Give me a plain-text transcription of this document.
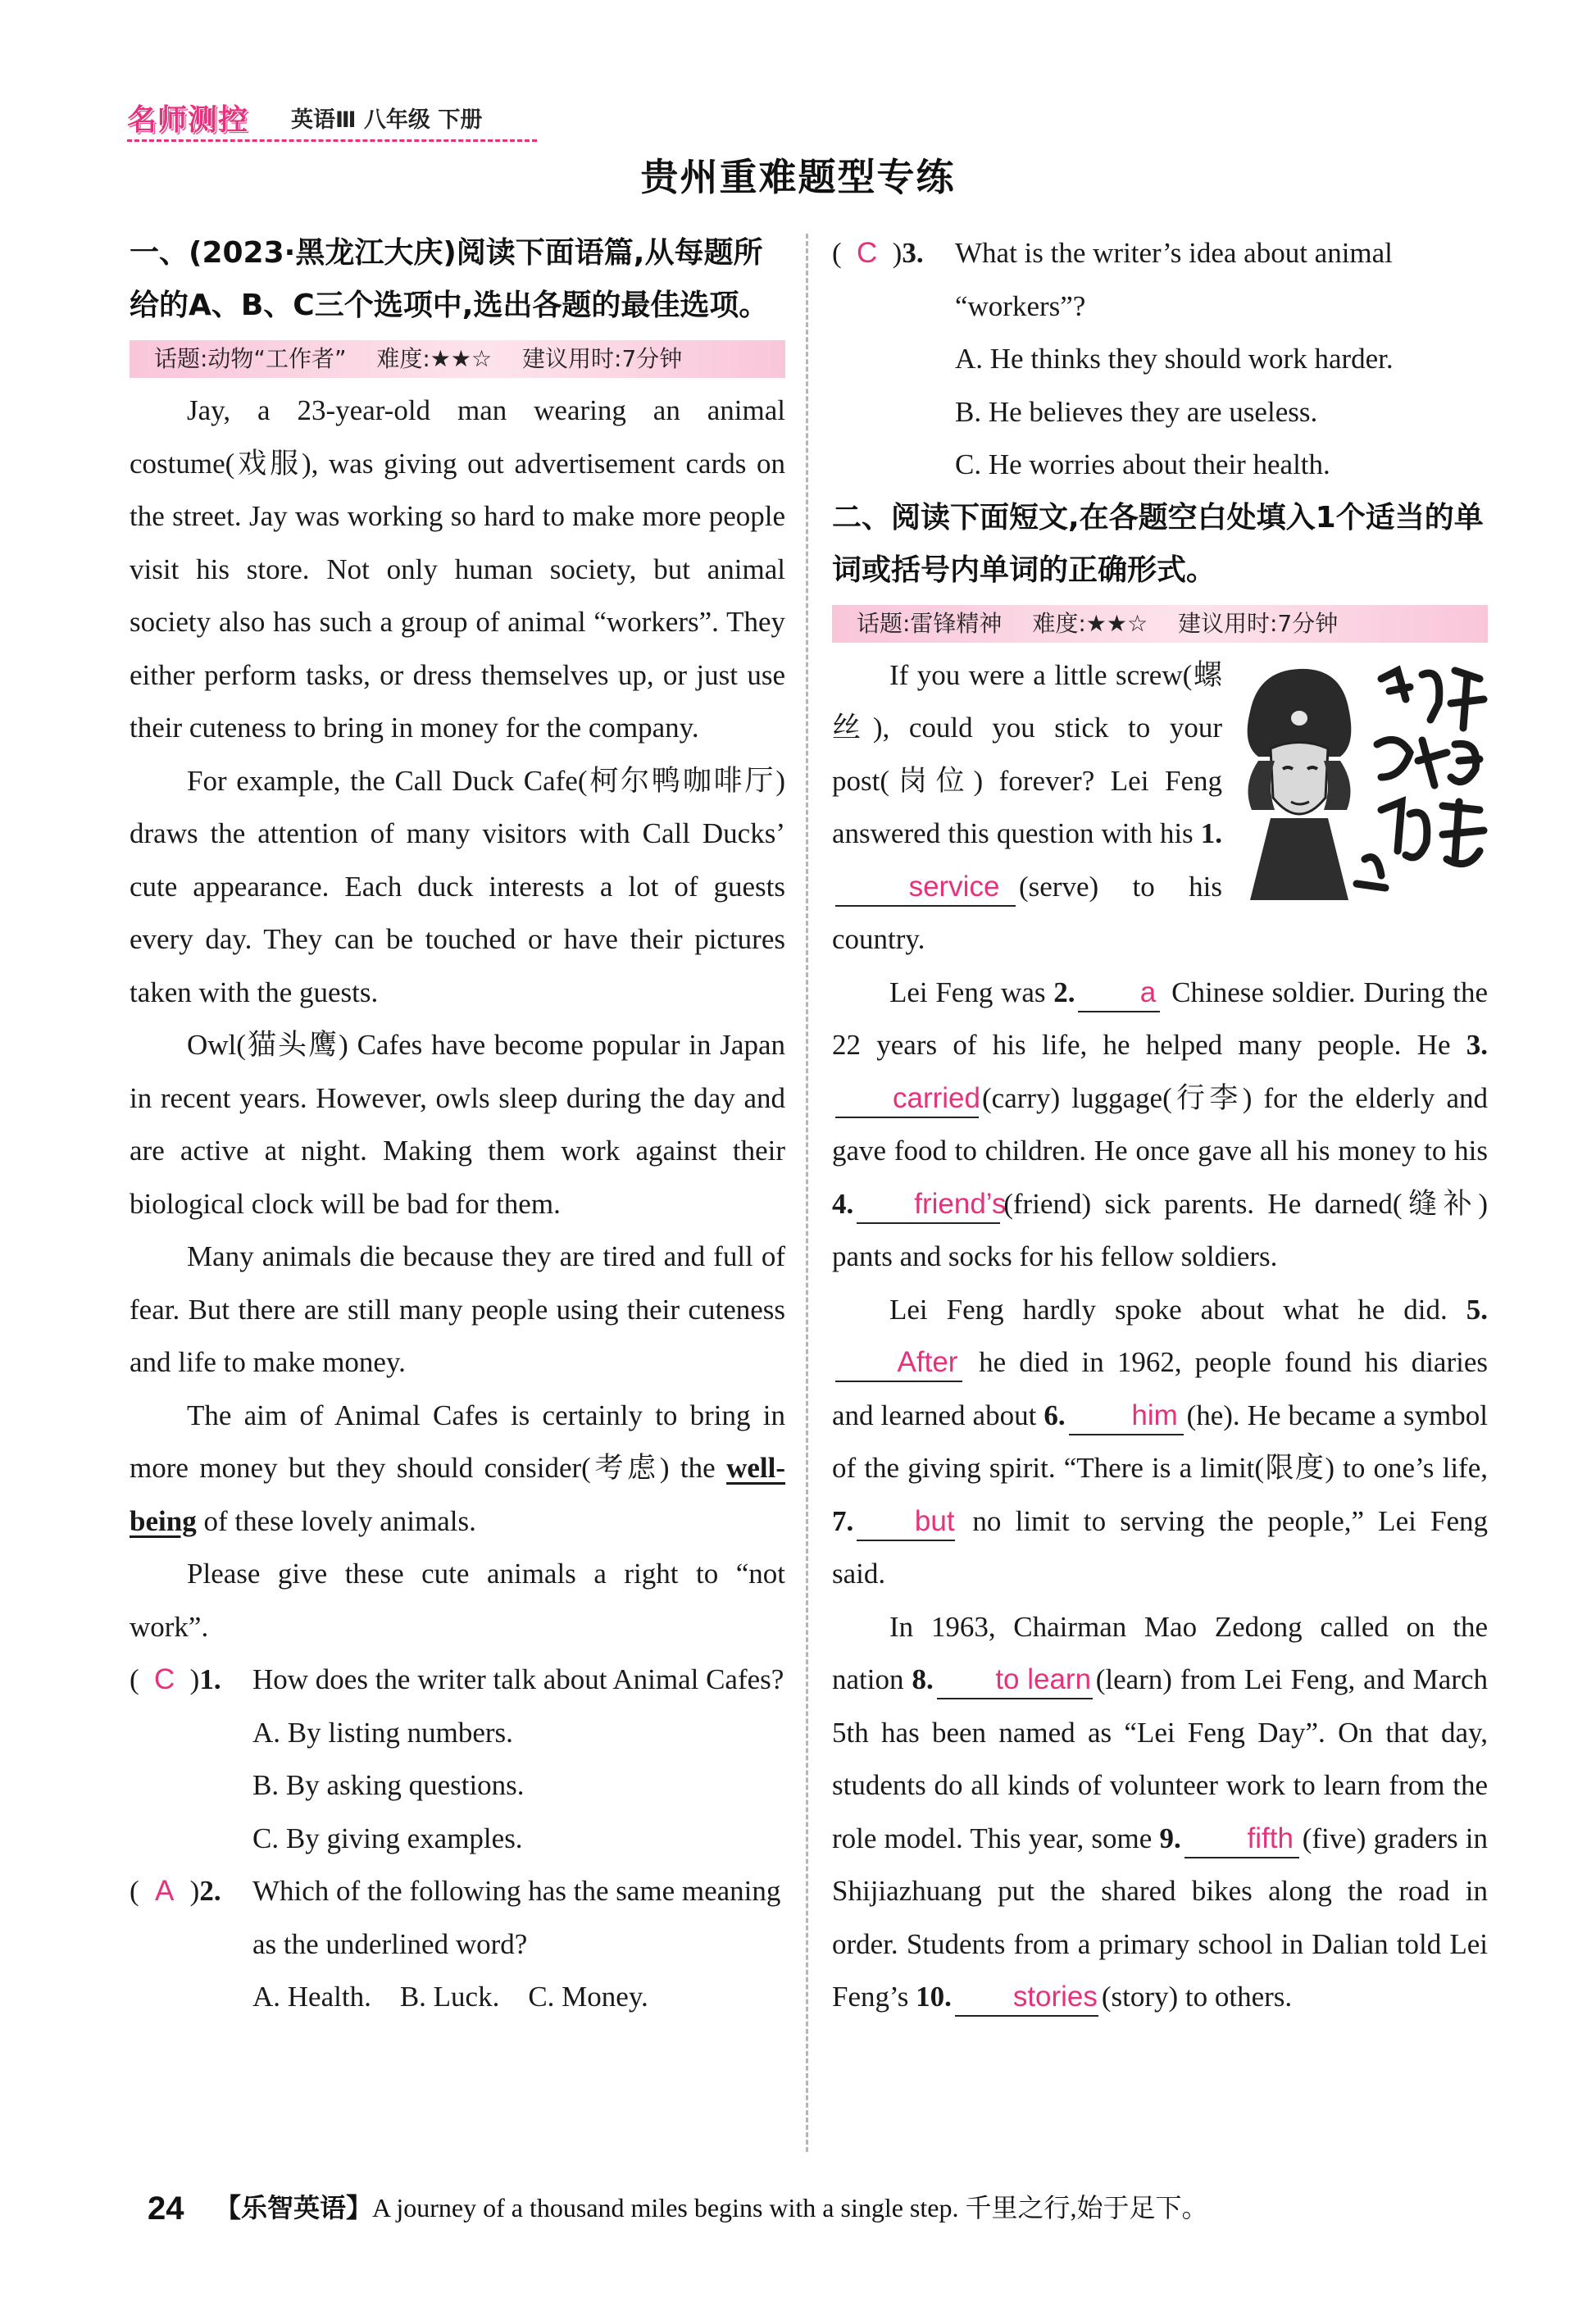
名师测控 英语Ⅲ 八年级 下册
贵州重难题型专练
一、(2023·黑龙江大庆)阅读下面语篇,从每题所给的A、B、C三个选项中,选出各题的最佳选项。
话题:动物“工作者” 难度:★★☆ 建议用时:7分钟

Jay, a 23-year-old man wearing an animal costume(戏服), was giving out advertisement cards on the street. Jay was working so hard to make more people visit his store. Not only human society, but animal society also has such a group of animal “workers”. They either perform tasks, or dress themselves up, or just use their cuteness to bring in money for the company.

For example, the Call Duck Cafe(柯尔鸭咖啡厅) draws the attention of many visitors with Call Ducks’ cute appearance. Each duck interests a lot of guests every day. They can be touched or have their pictures taken with the guests.

Owl(猫头鹰) Cafes have become popular in Japan in recent years. However, owls sleep during the day and are active at night. Making them work against their biological clock will be bad for them.

Many animals die because they are tired and full of fear. But there are still many people using their cuteness and life to make money.

The aim of Animal Cafes is certainly to bring in more money but they should consider(考虑) the well-being of these lovely animals.

Please give these cute animals a right to “not work”.

( C )1. How does the writer talk about Animal Cafes?
A. By listing numbers.
B. By asking questions.
C. By giving examples.
( A )2. Which of the following has the same meaning as the underlined word?
A. Health.    B. Luck.    C. Money.
( C )3. What is the writer’s idea about animal “workers”?
A. He thinks they should work harder.
B. He believes they are useless.
C. He worries about their health.
二、阅读下面短文,在各题空白处填入1个适当的单词或括号内单词的正确形式。
话题:雷锋精神 难度:★★☆ 建议用时:7分钟

If you were a little screw(螺丝), could you stick to your post(岗位) forever? Lei Feng answered this question with his 1.service (serve) to his country.

Lei Feng was 2. a Chinese soldier. During the 22 years of his life, he helped many people. He 3.carried(carry) luggage(行李) for the elderly and gave food to children. He once gave all his money to his 4. friend’s(friend) sick parents. He darned(缝补) pants and socks for his fellow soldiers.

Lei Feng hardly spoke about what he did. 5.After he died in 1962, people found his diaries and learned about 6. him (he). He became a symbol of the giving spirit. “There is a limit(限度) to one’s life, 7. but no limit to serving the people,” Lei Feng said.

In 1963, Chairman Mao Zedong called on the nation 8. to learn (learn) from Lei Feng, and March 5th has been named as “Lei Feng Day”. On that day, students do all kinds of volunteer work to learn from the role model. This year, some 9. fifth (five) graders in Shijiazhuang put the shared bikes along the road in order. Students from a primary school in Dalian told Lei Feng’s 10. stories (story) to others.

24 【乐智英语】A journey of a thousand miles begins with a single step. 千里之行,始于足下。
